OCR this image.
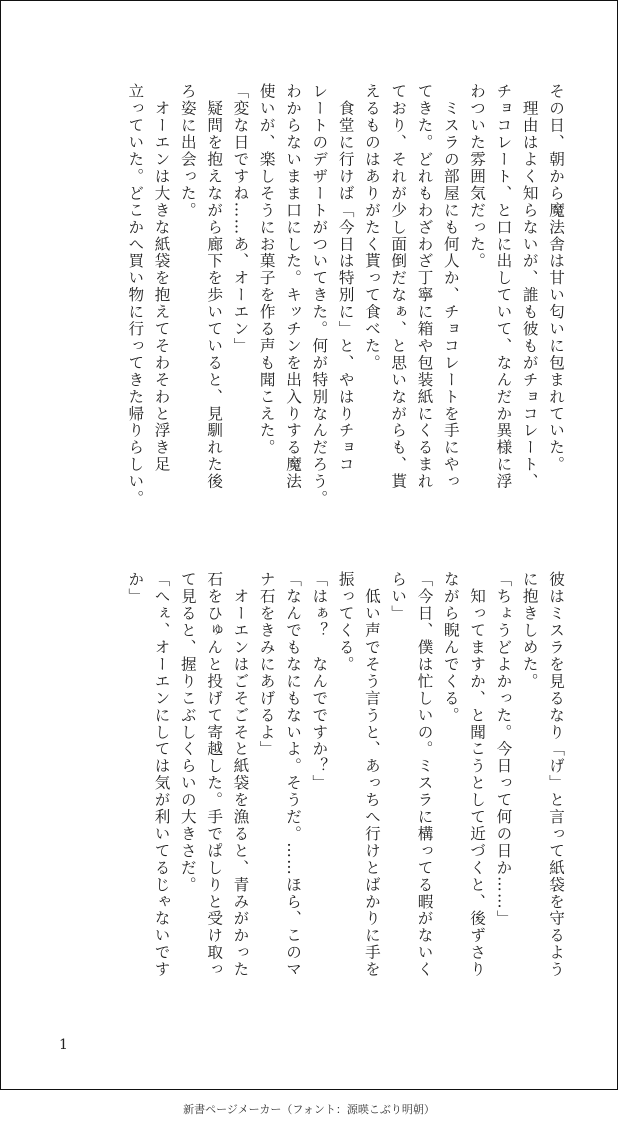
その日、朝から魔法舎は甘い匂いに包まれていた。
　理由はよく知らないが、誰も彼もがチョコレート、
チョコレート、と口に出していて、なんだか異様に浮
わついた雰囲気だった。
　ミスラの部屋にも何人か、チョコレートを手にやっ
てきた。どれもわざわざ丁寧に箱や包装紙にくるまれ
ており、それが少し面倒だなぁ、と思いながらも、貰
えるものはありがたく貰って食べた。
　食堂に行けば「今日は特別に」と、やはりチョコ
レートのデザートがついてきた。何が特別なんだろう。
わからないまま口にした。キッチンを出入りする魔法
使いが、楽しそうにお菓子を作る声も聞こえた。
「変な日ですね……あ、オーエン」
　疑問を抱えながら廊下を歩いていると、見馴れた後
ろ姿に出会った。
　オーエンは大きな紙袋を抱えてそわそわと浮き足
立っていた。どこかへ買い物に行ってきた帰りらしい。
彼はミスラを見るなり「げ」と言って紙袋を守るよう
に抱きしめた。
「ちょうどよかった。今日って何の日か……」
　知ってますか、と聞こうとして近づくと、後ずさり
ながら睨んでくる。
「今日、僕は忙しいの。ミスラに構ってる暇がないく
らい」
　低い声でそう言うと、あっちへ行けとばかりに手を
振ってくる。
「はぁ？　なんでですか？」
「なんでもなにもないよ。そうだ。……ほら、このマ
ナ石をきみにあげるよ」
　オーエンはごそごそと紙袋を漁ると、青みがかった
石をひゅんと投げて寄越した。手でぱしりと受け取っ
て見ると、握りこぶしくらいの大きさだ。
「へぇ、オーエンにしては気が利いてるじゃないです
か」
1
新書ページメーカー（フォント：源暎こぶり明朝）
